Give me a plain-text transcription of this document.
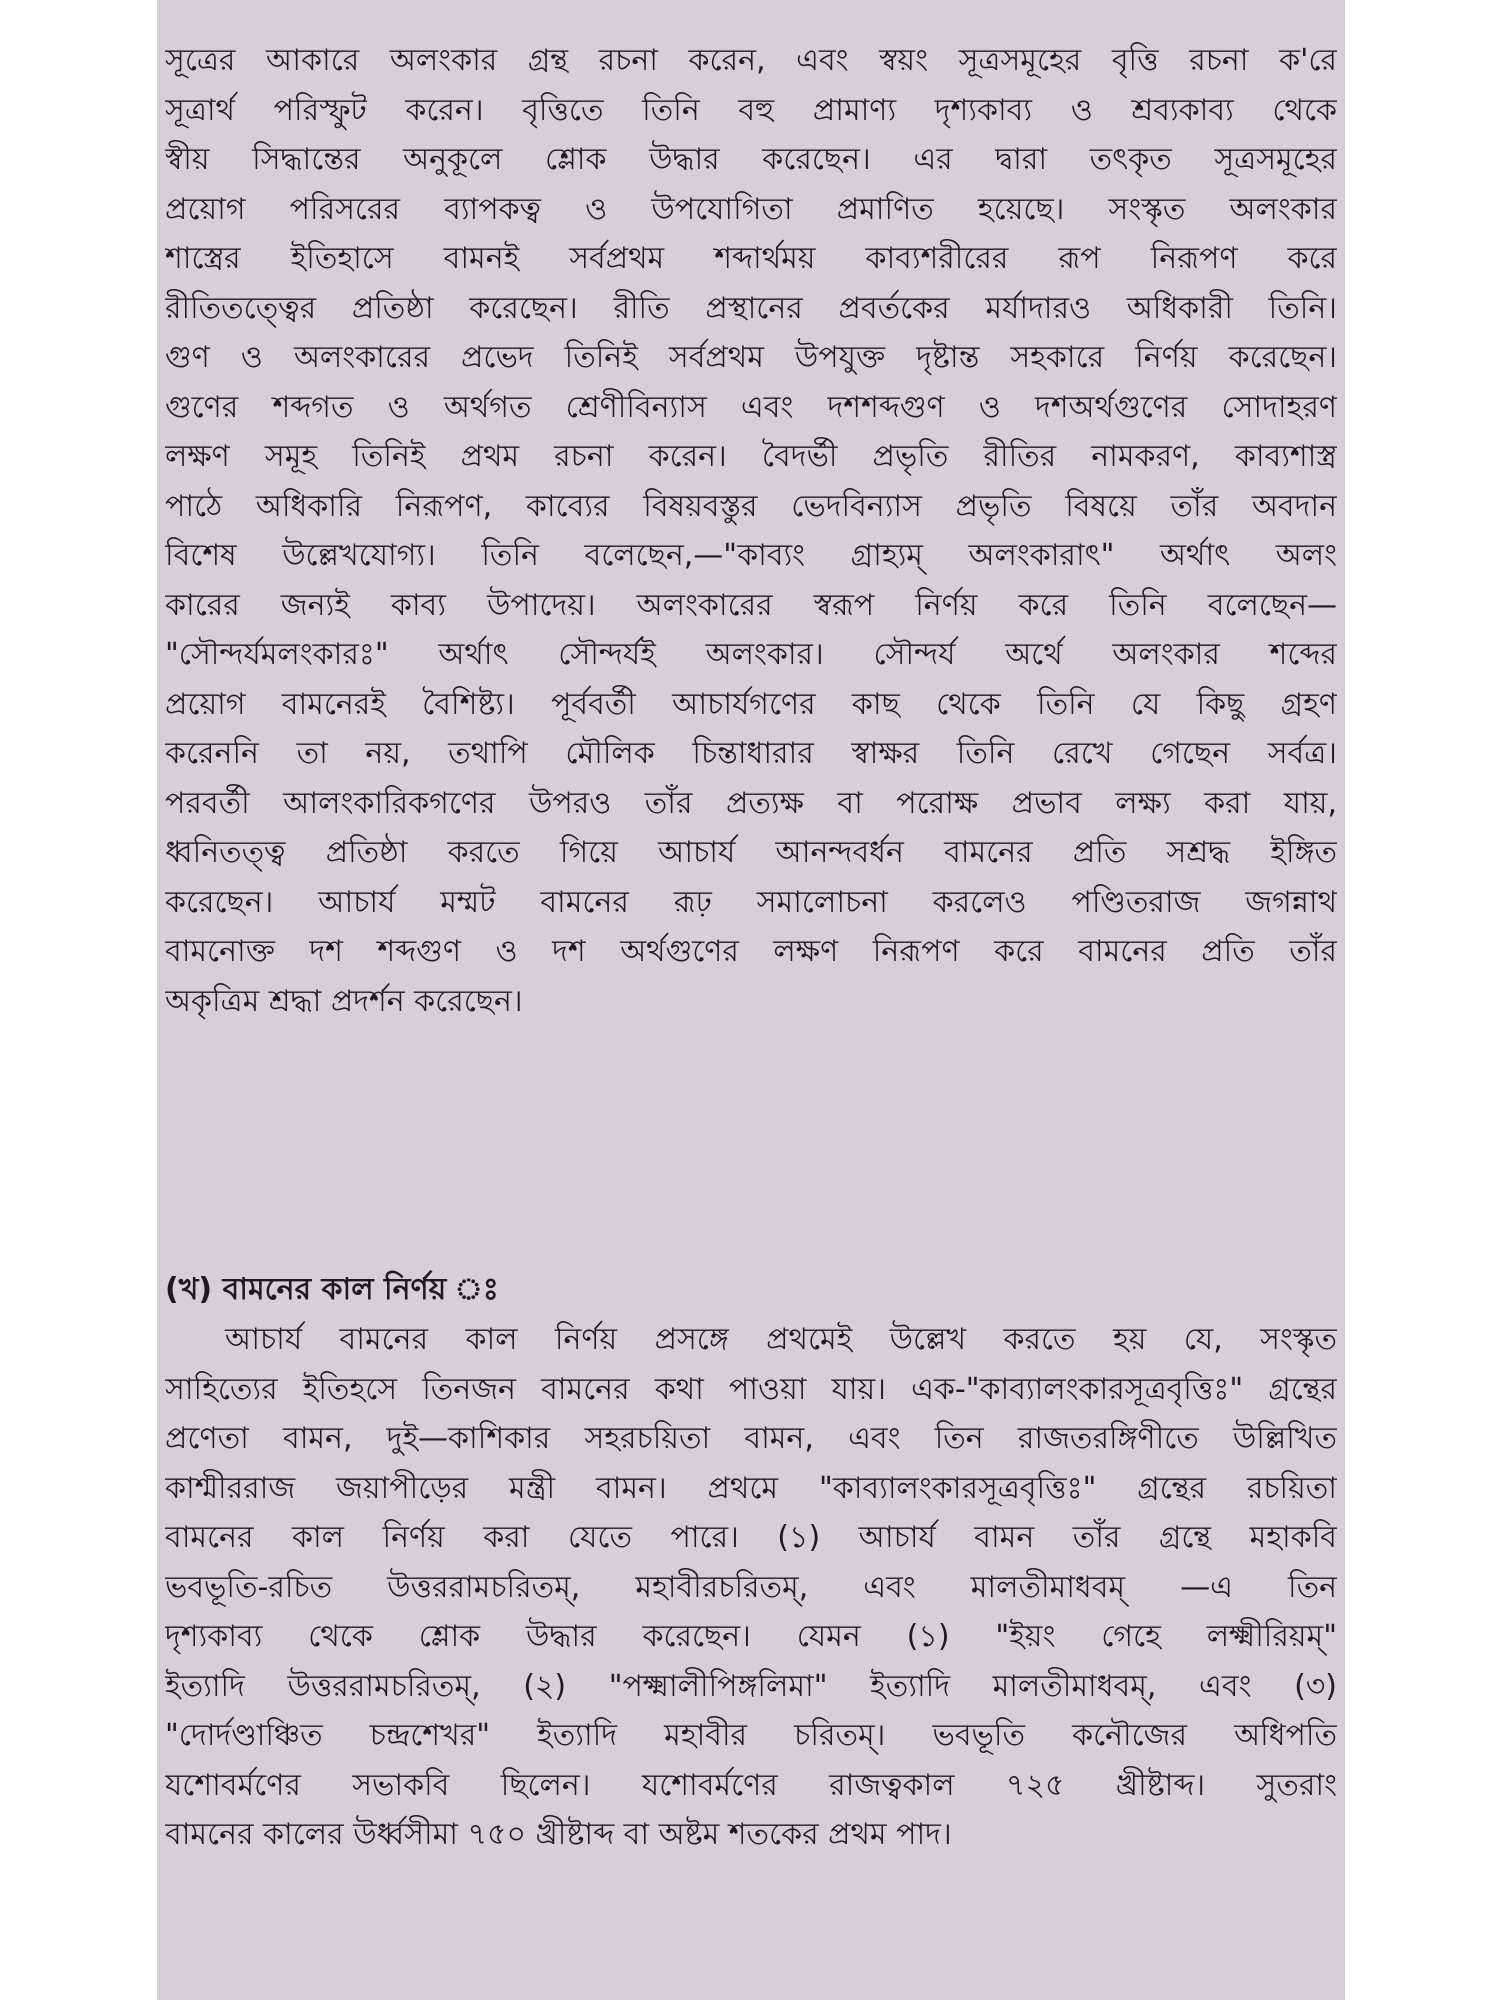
সূত্রের আকারে অলংকার গ্রন্থ রচনা করেন, এবং স্বয়ং সূত্রসমূহের বৃত্তি রচনা ক'রে
সূত্রার্থ পরিস্ফুট করেন। বৃত্তিতে তিনি বহু প্রামাণ্য দৃশ্যকাব্য ও শ্রব্যকাব্য থেকে
স্বীয় সিদ্ধান্তের অনুকূলে শ্লোক উদ্ধার করেছেন। এর দ্বারা তৎকৃত সূত্রসমূহের
প্রয়োগ পরিসরের ব্যাপকত্ব ও উপযোগিতা প্রমাণিত হয়েছে। সংস্কৃত অলংকার
শাস্ত্রের ইতিহাসে বামনই সর্বপ্রথম শব্দার্থময় কাব্যশরীরের রূপ নিরূপণ করে
রীতিতত্ত্বের প্রতিষ্ঠা করেছেন। রীতি প্রস্থানের প্রবর্তকের মর্যাদারও অধিকারী তিনি।
গুণ ও অলংকারের প্রভেদ তিনিই সর্বপ্রথম উপযুক্ত দৃষ্টান্ত সহকারে নির্ণয় করেছেন।
গুণের শব্দগত ও অর্থগত শ্রেণীবিন্যাস এবং দশশব্দগুণ ও দশঅর্থগুণের সোদাহরণ
লক্ষণ সমূহ তিনিই প্রথম রচনা করেন। বৈদর্ভী প্রভৃতি রীতির নামকরণ, কাব্যশাস্ত্র
পাঠে অধিকারি নিরূপণ, কাব্যের বিষয়বস্তুর ভেদবিন্যাস প্রভৃতি বিষয়ে তাঁর অবদান
বিশেষ উল্লেখযোগ্য। তিনি বলেছেন,—"কাব্যং গ্রাহ্যম্ অলংকারাৎ" অর্থাৎ অলং
কারের জন্যই কাব্য উপাদেয়। অলংকারের স্বরূপ নির্ণয় করে তিনি বলেছেন—
"সৌন্দর্যমলংকারঃ" অর্থাৎ সৌন্দর্যই অলংকার। সৌন্দর্য অর্থে অলংকার শব্দের
প্রয়োগ বামনেরই বৈশিষ্ট্য। পূর্ববর্তী আচার্যগণের কাছ থেকে তিনি যে কিছু গ্রহণ
করেননি তা নয়, তথাপি মৌলিক চিন্তাধারার স্বাক্ষর তিনি রেখে গেছেন সর্বত্র।
পরবর্তী আলংকারিকগণের উপরও তাঁর প্রত্যক্ষ বা পরোক্ষ প্রভাব লক্ষ্য করা যায়,
ধ্বনিতত্ত্ব প্রতিষ্ঠা করতে গিয়ে আচার্য আনন্দবর্ধন বামনের প্রতি সশ্রদ্ধ ইঙ্গিত
করেছেন। আচার্য মম্মট বামনের রূঢ় সমালোচনা করলেও পণ্ডিতরাজ জগন্নাথ
বামনোক্ত দশ শব্দগুণ ও দশ অর্থগুণের লক্ষণ নিরূপণ করে বামনের প্রতি তাঁর
অকৃত্রিম শ্রদ্ধা প্রদর্শন করেছেন।
(খ) বামনের কাল নির্ণয় ঃ
আচার্য বামনের কাল নির্ণয় প্রসঙ্গে প্রথমেই উল্লেখ করতে হয় যে, সংস্কৃত
সাহিত্যের ইতিহসে তিনজন বামনের কথা পাওয়া যায়। এক-"কাব্যালংকারসূত্রবৃত্তিঃ" গ্রন্থের
প্রণেতা বামন, দুই—কাশিকার সহরচয়িতা বামন, এবং তিন রাজতরঙ্গিণীতে উল্লিখিত
কাশ্মীররাজ জয়াপীড়ের মন্ত্রী বামন। প্রথমে "কাব্যালংকারসূত্রবৃত্তিঃ" গ্রন্থের রচয়িতা
বামনের কাল নির্ণয় করা যেতে পারে। (১) আচার্য বামন তাঁর গ্রন্থে মহাকবি
ভবভূতি-রচিত উত্তররামচরিতম্, মহাবীরচরিতম্, এবং মালতীমাধবম্ —এ তিন
দৃশ্যকাব্য থেকে শ্লোক উদ্ধার করেছেন। যেমন (১) "ইয়ং গেহে লক্ষ্মীরিয়ম্"
ইত্যাদি উত্তররামচরিতম্, (২) "পক্ষ্মালীপিঙ্গলিমা" ইত্যাদি মালতীমাধবম্, এবং (৩)
"দোর্দণ্ডাঞ্চিত চন্দ্রশেখর" ইত্যাদি মহাবীর চরিতম্। ভবভূতি কনৌজের অধিপতি
যশোবর্মণের সভাকবি ছিলেন। যশোবর্মণের রাজত্বকাল ৭২৫ খ্রীষ্টাব্দ। সুতরাং
বামনের কালের উর্ধ্বসীমা ৭৫০ খ্রীষ্টাব্দ বা অষ্টম শতকের প্রথম পাদ।
